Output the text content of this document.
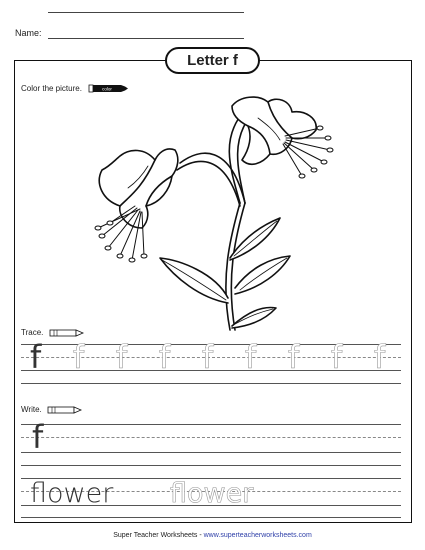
Name:
Letter f
Color the picture.	color
Trace.
f f f f f f f f f
Write.
f
flower flower
Super Teacher Worksheets - www.superteacherworksheets.com
